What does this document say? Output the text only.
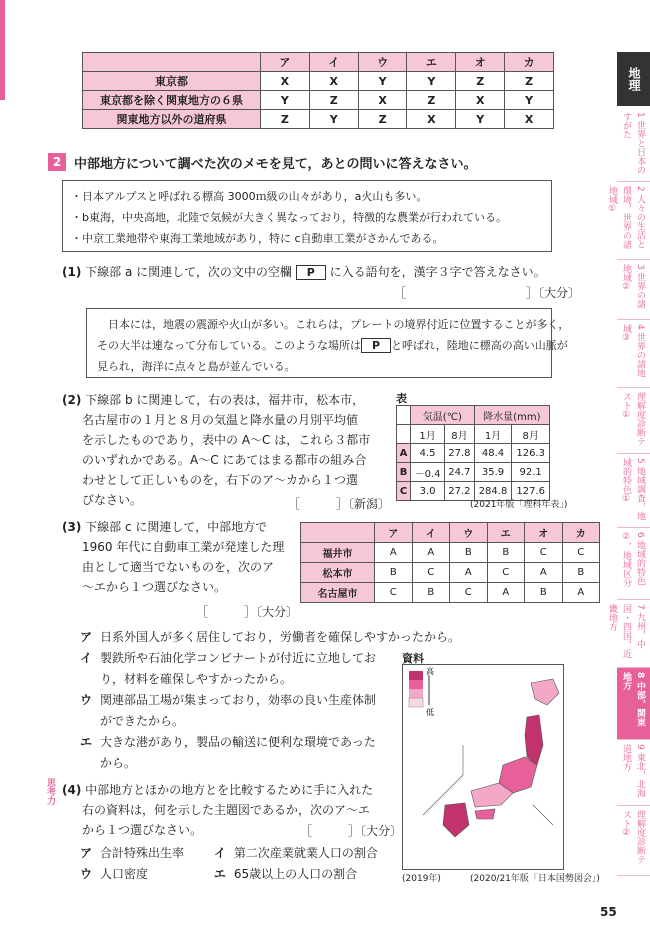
	ア	イ	ウ	エ	オ	カ
東京都	X	X	Y	Y	Z	Z
東京都を除く関東地方の６県	Y	Z	X	Z	X	Y
関東地方以外の道府県	Z	Y	Z	X	Y	X
2 中部地方について調べた次のメモを見て，あとの問いに答えなさい。
・日本アルプスと呼ばれる標高 3000ｍ級の山々があり，a火山も多い。
・b東海，中央高地，北陸で気候が大きく異なっており，特徴的な農業が行われている。
・中京工業地帯や東海工業地域があり，特に c自動車工業がさかんである。
(1) 下線部 a に関連して，次の文中の空欄 P に入る語句を，漢字３字で答えなさい。
［　　　　　　　　　　］〔大分〕
日本には，地震の震源や火山が多い。これらは，プレートの境界付近に位置することが多く，
その大半は連なって分布している。このような場所は P と呼ばれ，陸地に標高の高い山脈が
見られ，海洋に点々と島が並んでいる。
(2) 下線部 b に関連して，右の表は，福井市，松本市，
名古屋市の１月と８月の気温と降水量の月別平均値
を示したものであり，表中の A～C は，これら３都市
のいずれかである。A～C にあてはまる都市の組み合
わせとして正しいものを，右下のア～カから１つ選
びなさい。	［　　　］〔新潟〕
表
	気温(℃)		降水量(mm)	
	1月	8月	1月	8月
A	4.5	27.8	48.4	126.3
B	－0.4	24.7	35.9	92.1
C	3.0	27.2	284.8	127.6
(2021年版「理科年表」)
(3) 下線部 c に関連して，中部地方で
1960 年代に自動車工業が発達した理
由として適当でないものを，次のア
～エから１つ選びなさい。
［　　　］〔大分〕
	ア	イ	ウ	エ	オ	カ
福井市	A	A	B	B	C	C
松本市	B	C	A	C	A	B
名古屋市	C	B	C	A	B	A
ア 日系外国人が多く居住しており，労働者を確保しやすかったから。
イ 製鉄所や石油化学コンビナートが付近に立地してお
り，材料を確保しやすかったから。
ウ 関連部品工場が集まっており，効率の良い生産体制
ができたから。
エ 大きな港があり，製品の輸送に便利な環境であった
から。
思考力 (4) 中部地方とほかの地方とを比較するために手に入れた
右の資料は，何を示した主題図であるか，次のア～エ
から１つ選びなさい。	［　　　］〔大分〕
ア 合計特殊出生率 イ 第二次産業就業人口の割合
ウ 人口密度	エ 65歳以上の人口の割合
資料
高
低
(2019年)	(2020/21年版「日本国勢図会」)
地理
1 世界と日本のすがた
2 人々の生活と環境，世界の諸地域①
3 世界の諸地域②
4 世界の諸地域③
理解度診断テスト①
5 地域調査，地域的特色①
6 地域的特色②，地域区分
7 九州，中国・四国，近畿地方
8 中部，関東地方
9 東北，北海道地方
理解度診断テスト②
55
